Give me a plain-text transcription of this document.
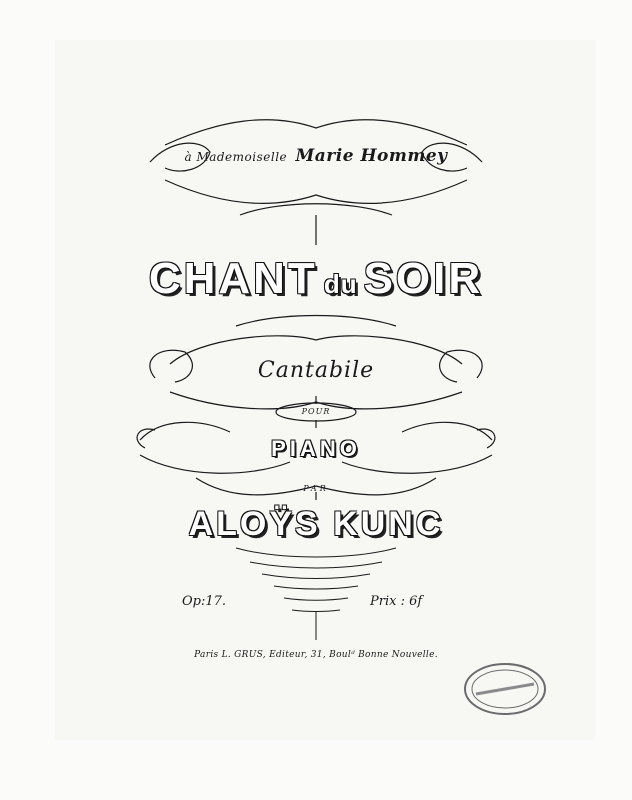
à Mademoiselle Marie Hommey
CHANT du SOIR
Cantabile
POUR
PIANO
PAR
ALOŸS KUNC
Op:17.	Prix : 6f
Paris L. GRUS, Editeur, 31, Boulᵈ Bonne Nouvelle.
